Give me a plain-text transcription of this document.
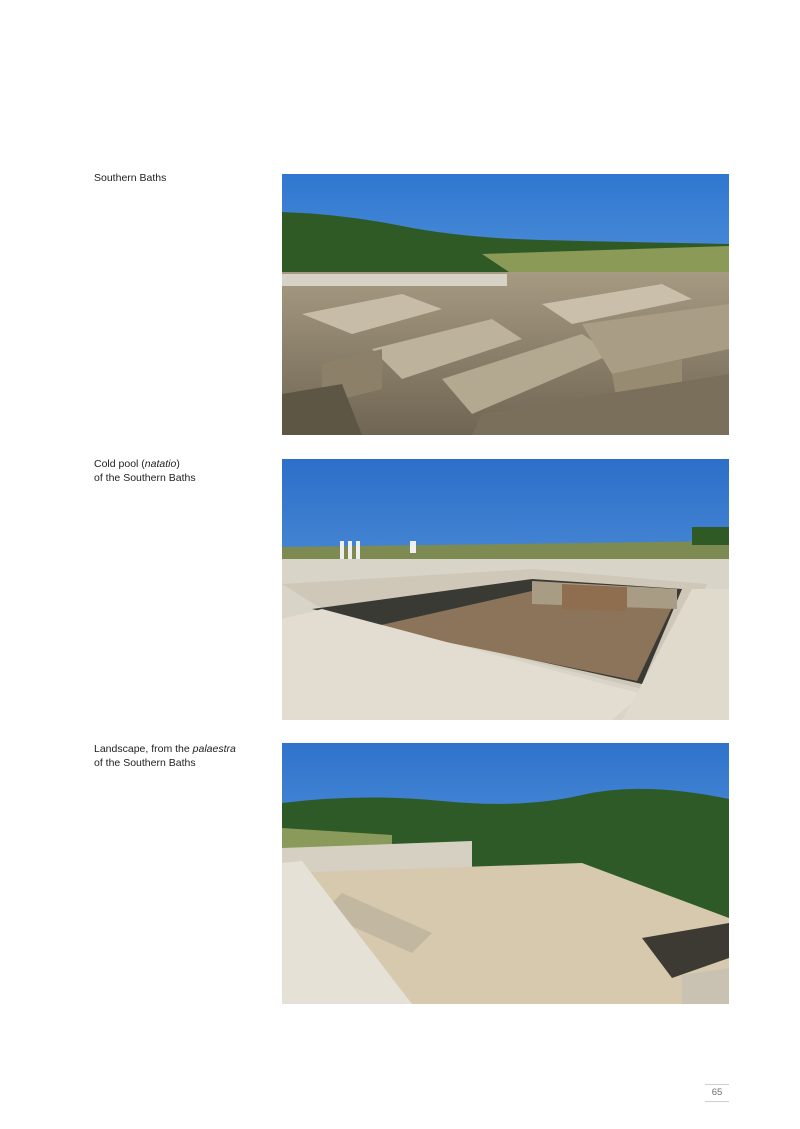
Southern Baths
Cold pool (natatio)
of the Southern Baths
Landscape, from the palaestra
of the Southern Baths
65
